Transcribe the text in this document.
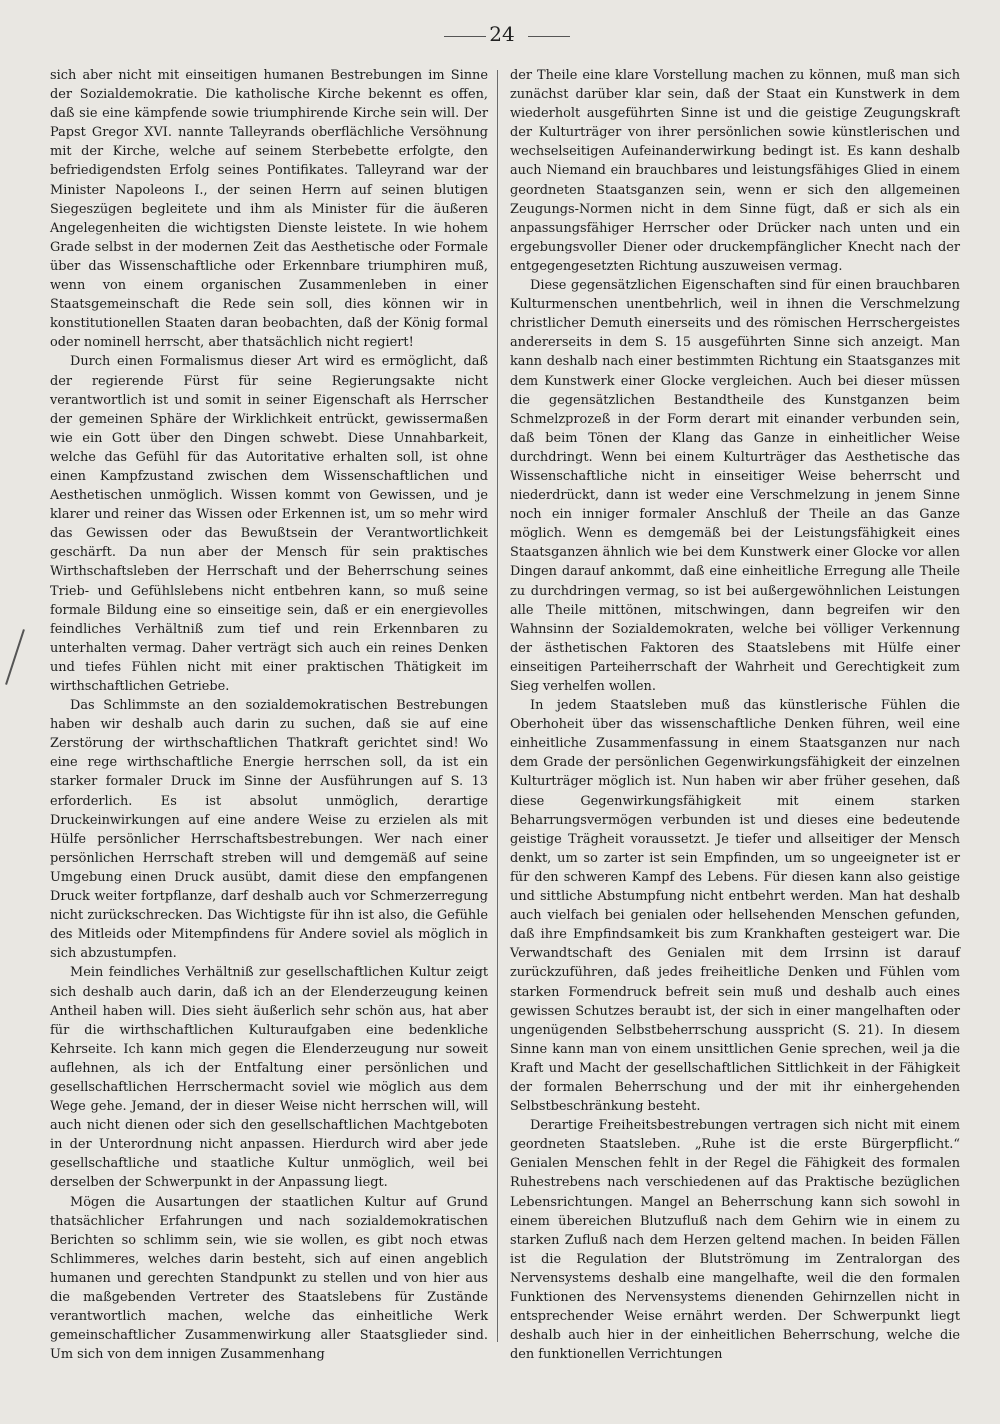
24

sich aber nicht mit einseitigen humanen Bestrebungen im Sinne der Sozialdemokratie. Die katholische Kirche bekennt es offen, daß sie eine kämpfende sowie triumphirende Kirche sein will. Der Papst Gregor XVI. nannte Talleyrands oberflächliche Versöhnung mit der Kirche, welche auf seinem Sterbebette erfolgte, den befriedigendsten Erfolg seines Pontifikates. Talleyrand war der Minister Napoleons I., der seinen Herrn auf seinen blutigen Siegeszügen begleitete und ihm als Minister für die äußeren Angelegenheiten die wichtigsten Dienste leistete. In wie hohem Grade selbst in der modernen Zeit das Aesthetische oder Formale über das Wissenschaftliche oder Erkennbare triumphiren muß, wenn von einem organischen Zusammenleben in einer Staatsgemeinschaft die Rede sein soll, dies können wir in konstitutionellen Staaten daran beobachten, daß der König formal oder nominell herrscht, aber thatsächlich nicht regiert!

Durch einen Formalismus dieser Art wird es ermöglicht, daß der regierende Fürst für seine Regierungsakte nicht verantwortlich ist und somit in seiner Eigenschaft als Herrscher der gemeinen Sphäre der Wirklichkeit entrückt, gewissermaßen wie ein Gott über den Dingen schwebt. Diese Unnahbarkeit, welche das Gefühl für das Autoritative erhalten soll, ist ohne einen Kampfzustand zwischen dem Wissenschaftlichen und Aesthetischen unmöglich. Wissen kommt von Gewissen, und je klarer und reiner das Wissen oder Erkennen ist, um so mehr wird das Gewissen oder das Bewußtsein der Verantwortlichkeit geschärft. Da nun aber der Mensch für sein praktisches Wirthschaftsleben der Herrschaft und der Beherrschung seines Trieb- und Gefühlslebens nicht entbehren kann, so muß seine formale Bildung eine so einseitige sein, daß er ein energievolles feindliches Verhältniß zum tief und rein Erkennbaren zu unterhalten vermag. Daher verträgt sich auch ein reines Denken und tiefes Fühlen nicht mit einer praktischen Thätigkeit im wirthschaftlichen Getriebe.

Das Schlimmste an den sozialdemokratischen Bestrebungen haben wir deshalb auch darin zu suchen, daß sie auf eine Zerstörung der wirthschaftlichen Thatkraft gerichtet sind! Wo eine rege wirthschaftliche Energie herrschen soll, da ist ein starker formaler Druck im Sinne der Ausführungen auf S. 13 erforderlich. Es ist absolut unmöglich, derartige Druckeinwirkungen auf eine andere Weise zu erzielen als mit Hülfe persönlicher Herrschaftsbestrebungen. Wer nach einer persönlichen Herrschaft streben will und demgemäß auf seine Umgebung einen Druck ausübt, damit diese den empfangenen Druck weiter fortpflanze, darf deshalb auch vor Schmerzerregung nicht zurückschrecken. Das Wichtigste für ihn ist also, die Gefühle des Mitleids oder Mitempfindens für Andere soviel als möglich in sich abzustumpfen.

Mein feindliches Verhältniß zur gesellschaftlichen Kultur zeigt sich deshalb auch darin, daß ich an der Elenderzeugung keinen Antheil haben will. Dies sieht äußerlich sehr schön aus, hat aber für die wirthschaftlichen Kulturaufgaben eine bedenkliche Kehrseite. Ich kann mich gegen die Elenderzeugung nur soweit auflehnen, als ich der Entfaltung einer persönlichen und gesellschaftlichen Herrschermacht soviel wie möglich aus dem Wege gehe. Jemand, der in dieser Weise nicht herrschen will, will auch nicht dienen oder sich den gesellschaftlichen Machtgeboten in der Unterordnung nicht anpassen. Hierdurch wird aber jede gesellschaftliche und staatliche Kultur unmöglich, weil bei derselben der Schwerpunkt in der Anpassung liegt.

Mögen die Ausartungen der staatlichen Kultur auf Grund thatsächlicher Erfahrungen und nach sozialdemokratischen Berichten so schlimm sein, wie sie wollen, es gibt noch etwas Schlimmeres, welches darin besteht, sich auf einen angeblich humanen und gerechten Standpunkt zu stellen und von hier aus die maßgebenden Vertreter des Staatslebens für Zustände verantwortlich machen, welche das einheitliche Werk gemeinschaftlicher Zusammenwirkung aller Staatsglieder sind. Um sich von dem innigen Zusammenhang

der Theile eine klare Vorstellung machen zu können, muß man sich zunächst darüber klar sein, daß der Staat ein Kunstwerk in dem wiederholt ausgeführten Sinne ist und die geistige Zeugungskraft der Kulturträger von ihrer persönlichen sowie künstlerischen und wechselseitigen Aufeinanderwirkung bedingt ist. Es kann deshalb auch Niemand ein brauchbares und leistungsfähiges Glied in einem geordneten Staatsganzen sein, wenn er sich den allgemeinen Zeugungs-Normen nicht in dem Sinne fügt, daß er sich als ein anpassungsfähiger Herrscher oder Drücker nach unten und ein ergebungsvoller Diener oder druckempfänglicher Knecht nach der entgegengesetzten Richtung auszuweisen vermag.

Diese gegensätzlichen Eigenschaften sind für einen brauchbaren Kulturmenschen unentbehrlich, weil in ihnen die Verschmelzung christlicher Demuth einerseits und des römischen Herrschergeistes andererseits in dem S. 15 ausgeführten Sinne sich anzeigt. Man kann deshalb nach einer bestimmten Richtung ein Staatsganzes mit dem Kunstwerk einer Glocke vergleichen. Auch bei dieser müssen die gegensätzlichen Bestandtheile des Kunstganzen beim Schmelzprozeß in der Form derart mit einander verbunden sein, daß beim Tönen der Klang das Ganze in einheitlicher Weise durchdringt. Wenn bei einem Kulturträger das Aesthetische das Wissenschaftliche nicht in einseitiger Weise beherrscht und niederdrückt, dann ist weder eine Verschmelzung in jenem Sinne noch ein inniger formaler Anschluß der Theile an das Ganze möglich. Wenn es demgemäß bei der Leistungsfähigkeit eines Staatsganzen ähnlich wie bei dem Kunstwerk einer Glocke vor allen Dingen darauf ankommt, daß eine einheitliche Erregung alle Theile zu durchdringen vermag, so ist bei außergewöhnlichen Leistungen alle Theile mittönen, mitschwingen, dann begreifen wir den Wahnsinn der Sozialdemokraten, welche bei völliger Verkennung der ästhetischen Faktoren des Staatslebens mit Hülfe einer einseitigen Parteiherrschaft der Wahrheit und Gerechtigkeit zum Sieg verhelfen wollen.

In jedem Staatsleben muß das künstlerische Fühlen die Oberhoheit über das wissenschaftliche Denken führen, weil eine einheitliche Zusammenfassung in einem Staatsganzen nur nach dem Grade der persönlichen Gegenwirkungsfähigkeit der einzelnen Kulturträger möglich ist. Nun haben wir aber früher gesehen, daß diese Gegenwirkungsfähigkeit mit einem starken Beharrungsvermögen verbunden ist und dieses eine bedeutende geistige Trägheit voraussetzt. Je tiefer und allseitiger der Mensch denkt, um so zarter ist sein Empfinden, um so ungeeigneter ist er für den schweren Kampf des Lebens. Für diesen kann also geistige und sittliche Abstumpfung nicht entbehrt werden. Man hat deshalb auch vielfach bei genialen oder hellsehenden Menschen gefunden, daß ihre Empfindsamkeit bis zum Krankhaften gesteigert war. Die Verwandtschaft des Genialen mit dem Irrsinn ist darauf zurückzuführen, daß jedes freiheitliche Denken und Fühlen vom starken Formendruck befreit sein muß und deshalb auch eines gewissen Schutzes beraubt ist, der sich in einer mangelhaften oder ungenügenden Selbstbeherrschung ausspricht (S. 21). In diesem Sinne kann man von einem unsittlichen Genie sprechen, weil ja die Kraft und Macht der gesellschaftlichen Sittlichkeit in der Fähigkeit der formalen Beherrschung und der mit ihr einhergehenden Selbstbeschränkung besteht.

Derartige Freiheitsbestrebungen vertragen sich nicht mit einem geordneten Staatsleben. „Ruhe ist die erste Bürgerpflicht.“ Genialen Menschen fehlt in der Regel die Fähigkeit des formalen Ruhestrebens nach verschiedenen auf das Praktische bezüglichen Lebensrichtungen. Mangel an Beherrschung kann sich sowohl in einem übereichen Blutzufluß nach dem Gehirn wie in einem zu starken Zufluß nach dem Herzen geltend machen. In beiden Fällen ist die Regulation der Blutströmung im Zentralorgan des Nervensystems deshalb eine mangelhafte, weil die den formalen Funktionen des Nervensystems dienenden Gehirnzellen nicht in entsprechender Weise ernährt werden. Der Schwerpunkt liegt deshalb auch hier in der einheitlichen Beherrschung, welche die den funktionellen Verrichtungen
